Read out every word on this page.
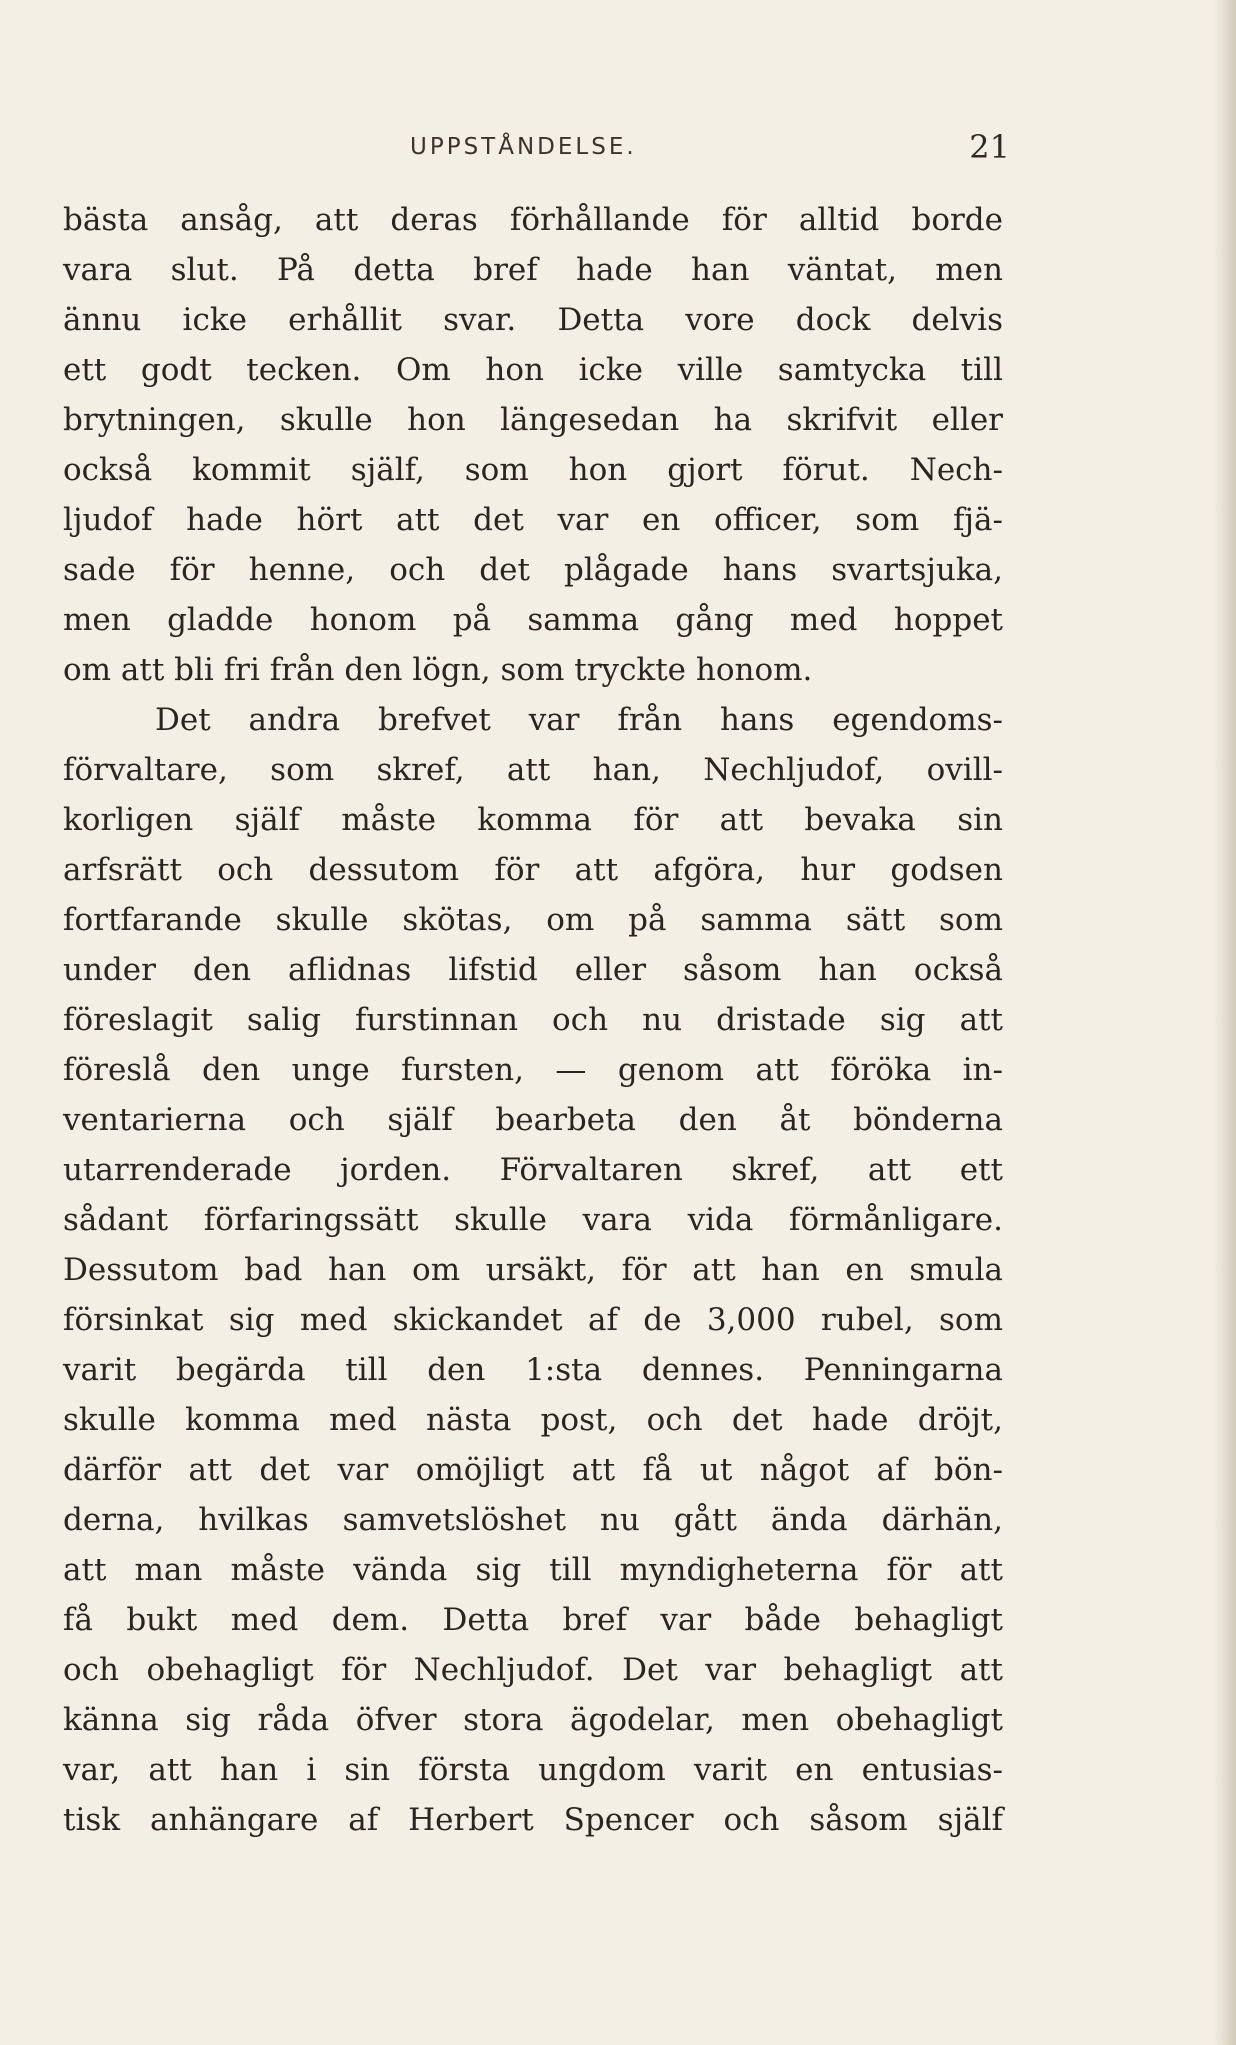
UPPSTÅNDELSE.	21
bästa ansåg, att deras förhållande för alltid borde
vara slut. På detta bref hade han väntat, men
ännu icke erhållit svar. Detta vore dock delvis
ett godt tecken. Om hon icke ville samtycka till
brytningen, skulle hon längesedan ha skrifvit eller
också kommit själf, som hon gjort förut. Nech-
ljudof hade hört att det var en officer, som fjä-
sade för henne, och det plågade hans svartsjuka,
men gladde honom på samma gång med hoppet
om att bli fri från den lögn, som tryckte honom.
Det andra brefvet var från hans egendoms-
förvaltare, som skref, att han, Nechljudof, ovill-
korligen själf måste komma för att bevaka sin
arfsrätt och dessutom för att afgöra, hur godsen
fortfarande skulle skötas, om på samma sätt som
under den aflidnas lifstid eller såsom han också
föreslagit salig furstinnan och nu dristade sig att
föreslå den unge fursten, — genom att föröka in-
ventarierna och själf bearbeta den åt bönderna
utarrenderade jorden. Förvaltaren skref, att ett
sådant förfaringssätt skulle vara vida förmånligare.
Dessutom bad han om ursäkt, för att han en smula
försinkat sig med skickandet af de 3,000 rubel, som
varit begärda till den 1:sta dennes. Penningarna
skulle komma med nästa post, och det hade dröjt,
därför att det var omöjligt att få ut något af bön-
derna, hvilkas samvetslöshet nu gått ända därhän,
att man måste vända sig till myndigheterna för att
få bukt med dem. Detta bref var både behagligt
och obehagligt för Nechljudof. Det var behagligt att
känna sig råda öfver stora ägodelar, men obehagligt
var, att han i sin första ungdom varit en entusias-
tisk anhängare af Herbert Spencer och såsom själf
